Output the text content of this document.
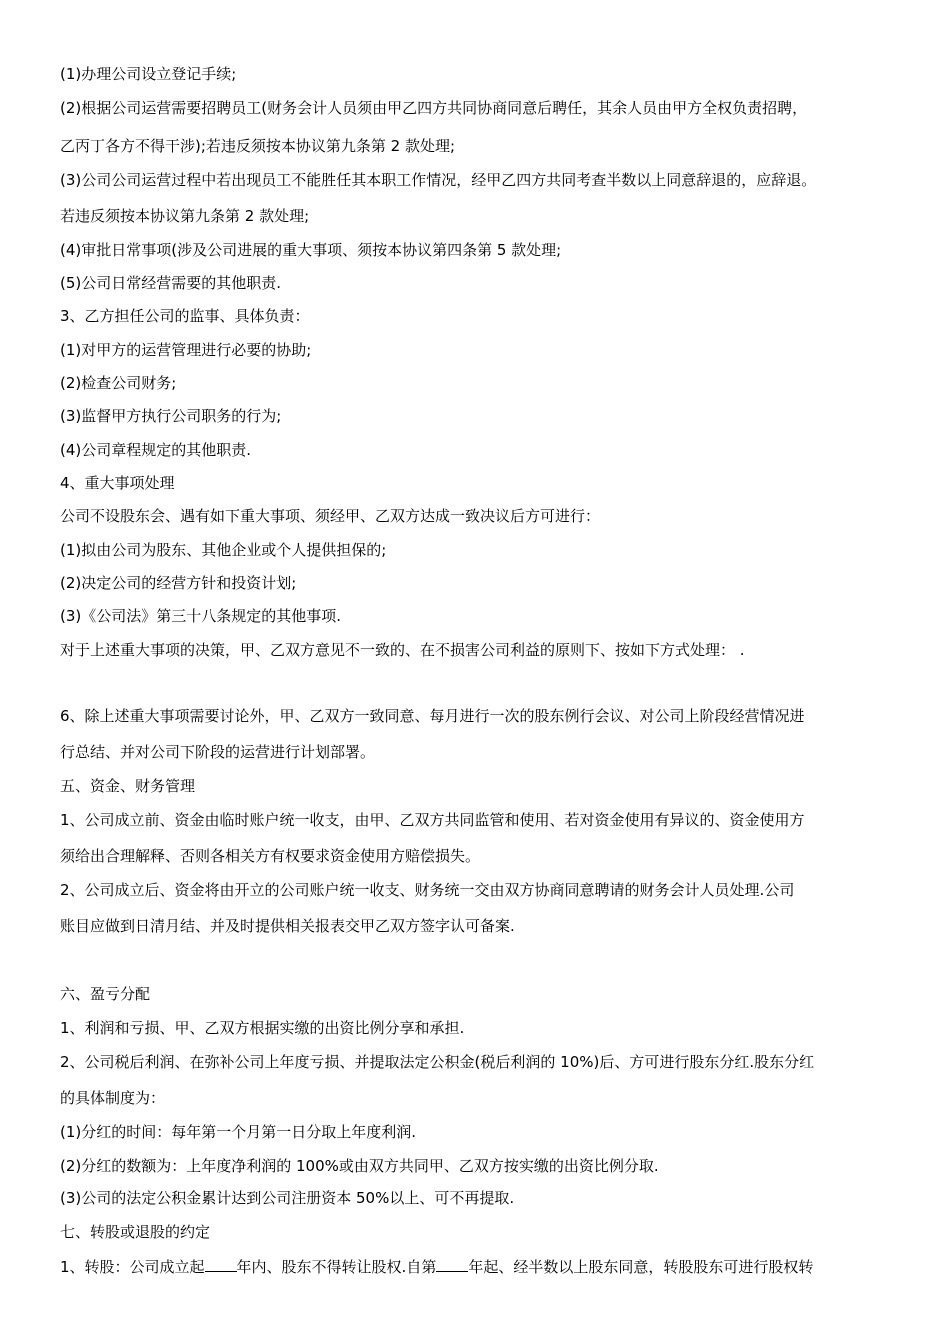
(1)办理公司设立登记手续;
(2)根据公司运营需要招聘员工(财务会计人员须由甲乙四方共同协商同意后聘任，其余人员由甲方全权负责招聘，
乙丙丁各方不得干涉);若违反须按本协议第九条第 2 款处理;
(3)公司公司运营过程中若出现员工不能胜任其本职工作情况，经甲乙四方共同考查半数以上同意辞退的，应辞退。
若违反须按本协议第九条第 2 款处理;
(4)审批日常事项(涉及公司进展的重大事项、须按本协议第四条第 5 款处理;
(5)公司日常经营需要的其他职责.
3、乙方担任公司的监事、具体负责：
(1)对甲方的运营管理进行必要的协助;
(2)检查公司财务;
(3)监督甲方执行公司职务的行为;
(4)公司章程规定的其他职责.
4、重大事项处理
公司不设股东会、遇有如下重大事项、须经甲、乙双方达成一致决议后方可进行：
(1)拟由公司为股东、其他企业或个人提供担保的;
(2)决定公司的经营方针和投资计划;
(3)《公司法》第三十八条规定的其他事项.
对于上述重大事项的决策，甲、乙双方意见不一致的、在不损害公司利益的原则下、按如下方式处理： .
6、除上述重大事项需要讨论外，甲、乙双方一致同意、每月进行一次的股东例行会议、对公司上阶段经营情况进
行总结、并对公司下阶段的运营进行计划部署。
五、资金、财务管理
1、公司成立前、资金由临时账户统一收支，由甲、乙双方共同监管和使用、若对资金使用有异议的、资金使用方
须给出合理解释、否则各相关方有权要求资金使用方赔偿损失。
2、公司成立后、资金将由开立的公司账户统一收支、财务统一交由双方协商同意聘请的财务会计人员处理.公司
账目应做到日清月结、并及时提供相关报表交甲乙双方签字认可备案.
六、盈亏分配
1、利润和亏损、甲、乙双方根据实缴的出资比例分享和承担.
2、公司税后利润、在弥补公司上年度亏损、并提取法定公积金(税后利润的 10%)后、方可进行股东分红.股东分红
的具体制度为：
(1)分红的时间：每年第一个月第一日分取上年度利润.
(2)分红的数额为：上年度净利润的 100%或由双方共同甲、乙双方按实缴的出资比例分取.
(3)公司的法定公积金累计达到公司注册资本 50%以上、可不再提取.
七、转股或退股的约定
1、转股：公司成立起 年内、股东不得转让股权.自第 年起、经半数以上股东同意，转股股东可进行股权转
